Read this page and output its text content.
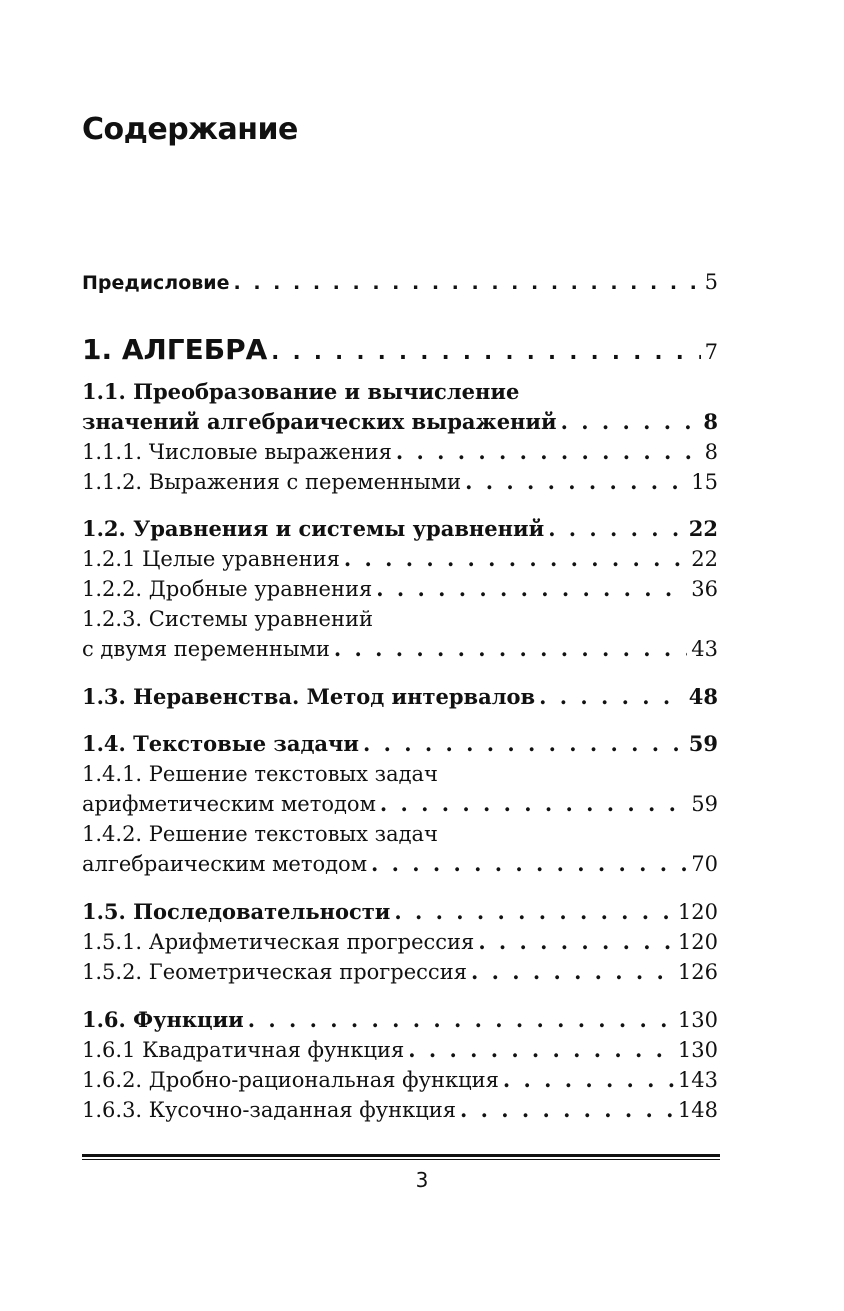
Содержание
Предисловие . . .	5
1. АЛГЕБРА . . .	7
1.1. Преобразование и вычисление
значений алгебраических выражений . . .	8
1.1.1. Числовые выражения . . .	8
1.1.2. Выражения с переменными . . .	15
1.2. Уравнения и системы уравнений . . .	22
1.2.1 Целые уравнения . . .	22
1.2.2. Дробные уравнения . . .	36
1.2.3. Системы уравнений
с двумя переменными . . .	43
1.3. Неравенства. Метод интервалов . . .	48
1.4. Текстовые задачи . . .	59
1.4.1. Решение текстовых задач
арифметическим методом . . .	59
1.4.2. Решение текстовых задач
алгебраическим методом . . .	70
1.5. Последовательности . . .	120
1.5.1. Арифметическая прогрессия . . .	120
1.5.2. Геометрическая прогрессия . . .	126
1.6. Функции . . .	130
1.6.1 Квадратичная функция . . .	130
1.6.2. Дробно-рациональная функция . . .	143
1.6.3. Кусочно-заданная функция . . .	148
3
